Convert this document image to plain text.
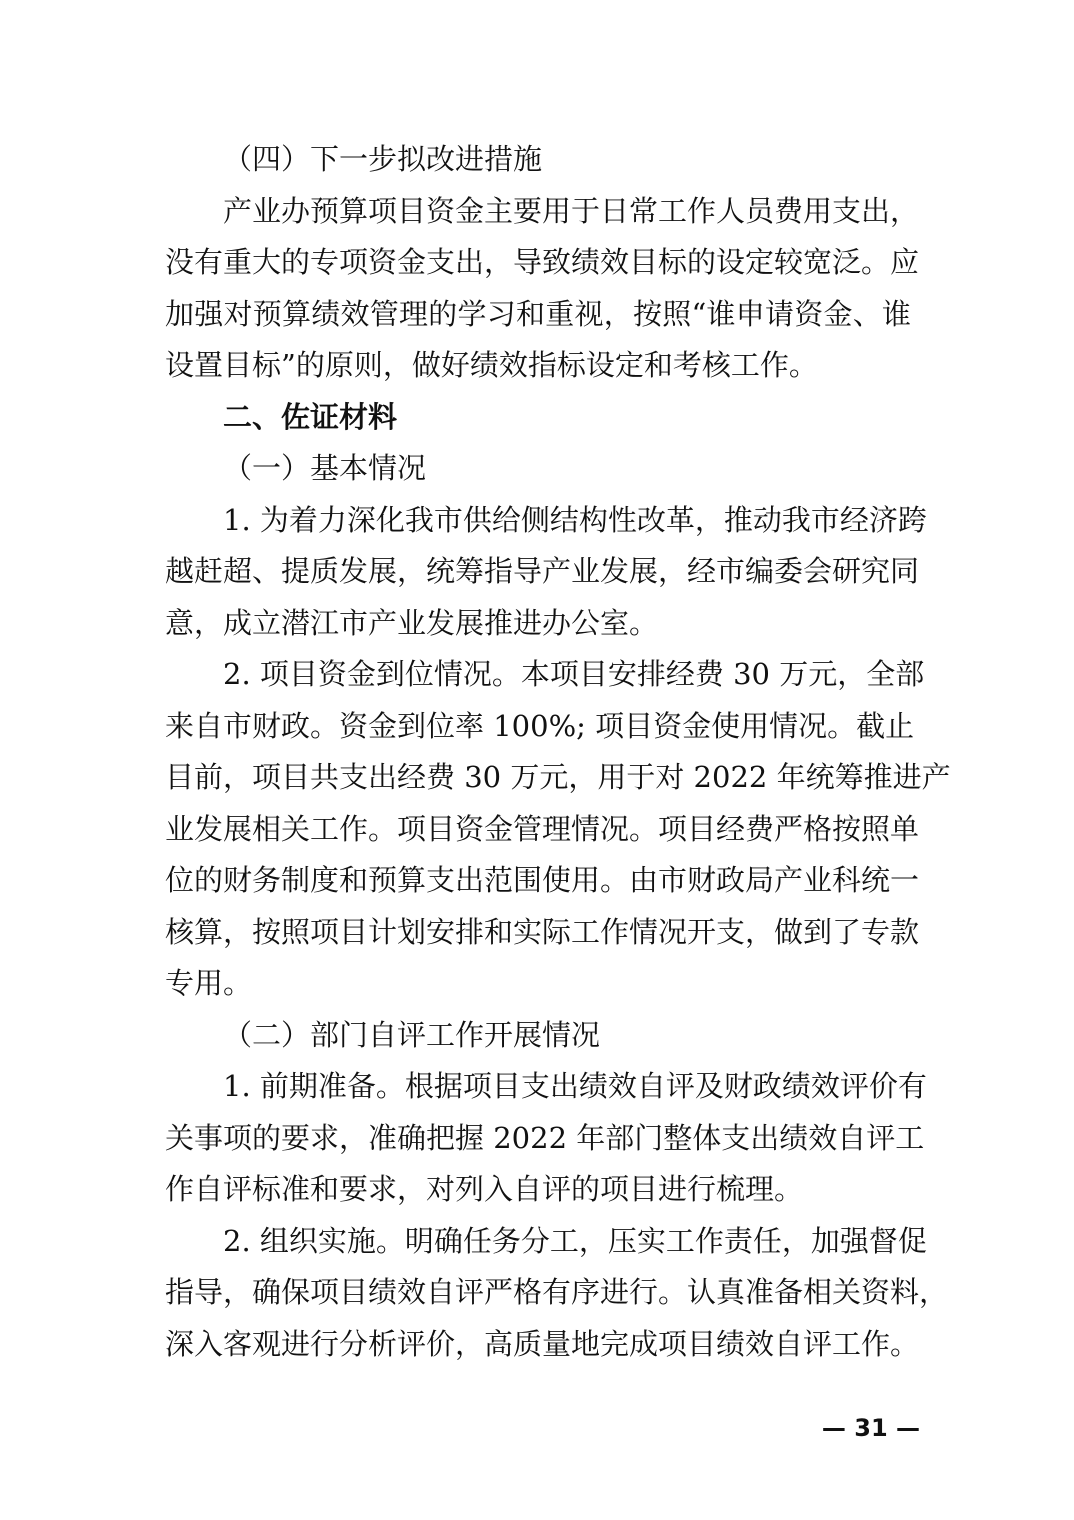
（四）下一步拟改进措施
产业办预算项目资金主要用于日常工作人员费用支出，
没有重大的专项资金支出，导致绩效目标的设定较宽泛。应
加强对预算绩效管理的学习和重视，按照“谁申请资金、谁
设置目标”的原则，做好绩效指标设定和考核工作。
二、佐证材料
（一）基本情况
1. 为着力深化我市供给侧结构性改革，推动我市经济跨
越赶超、提质发展，统筹指导产业发展，经市编委会研究同
意，成立潜江市产业发展推进办公室。
2. 项目资金到位情况。本项目安排经费 30 万元，全部
来自市财政。资金到位率 100%; 项目资金使用情况。截止
目前，项目共支出经费 30 万元，用于对 2022 年统筹推进产
业发展相关工作。项目资金管理情况。项目经费严格按照单
位的财务制度和预算支出范围使用。由市财政局产业科统一
核算，按照项目计划安排和实际工作情况开支，做到了专款
专用。
（二）部门自评工作开展情况
1. 前期准备。根据项目支出绩效自评及财政绩效评价有
关事项的要求，准确把握 2022 年部门整体支出绩效自评工
作自评标准和要求，对列入自评的项目进行梳理。
2. 组织实施。明确任务分工，压实工作责任，加强督促
指导，确保项目绩效自评严格有序进行。认真准备相关资料，
深入客观进行分析评价，高质量地完成项目绩效自评工作。
— 31 —
